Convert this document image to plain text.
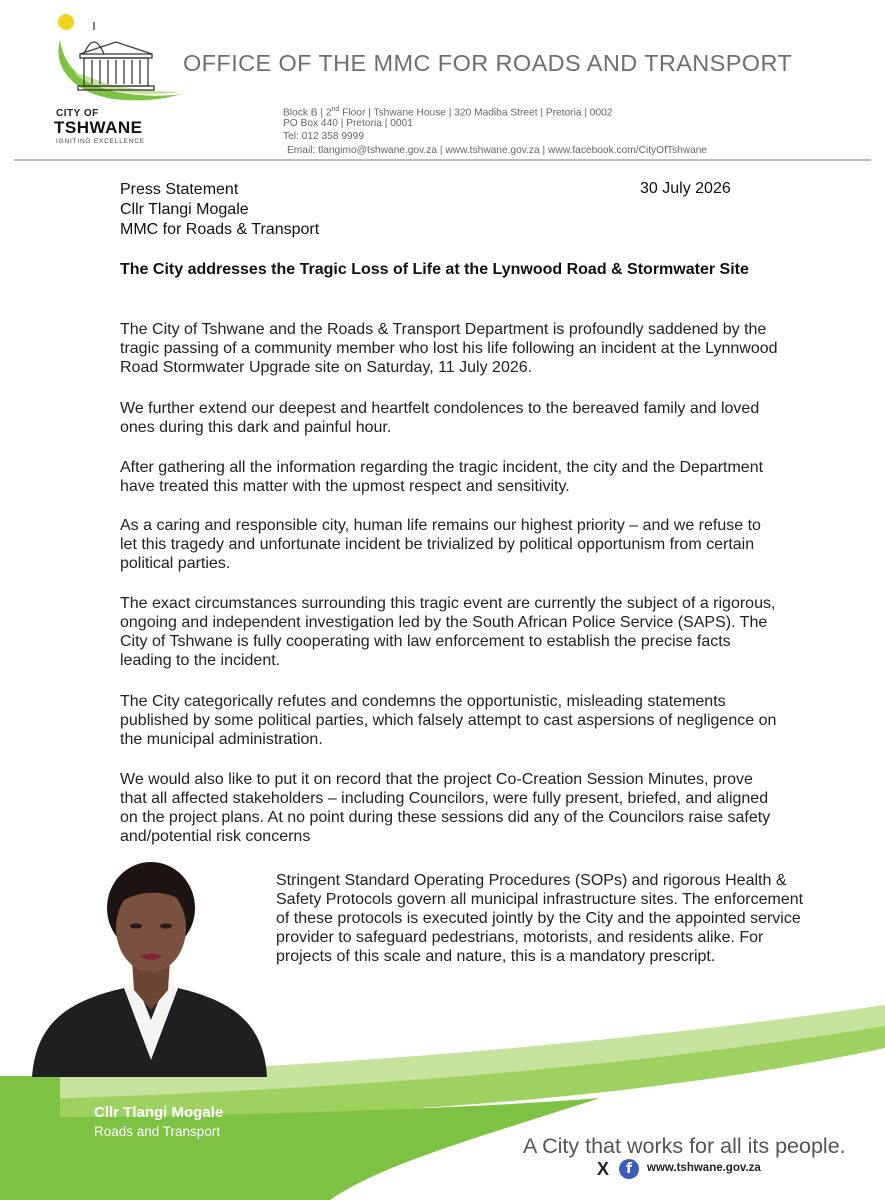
CITY OF
TSHWANE
IGNITING EXCELLENCE
OFFICE OF THE MMC FOR ROADS AND TRANSPORT
Block B | 2nd Floor | Tshwane House | 320 Madiba Street | Pretoria | 0002
PO Box 440 | Pretoria | 0001
Tel: 012 358 9999
Email: tlangimo@tshwane.gov.za | www.tshwane.gov.za | www.facebook.com/CityOfTshwane
Press Statement
Cllr Tlangi Mogale
MMC for Roads & Transport
30 July 2026
The City addresses the Tragic Loss of Life at the Lynwood Road & Stormwater Site

The City of Tshwane and the Roads & Transport Department is profoundly saddened by the tragic passing of a community member who lost his life following an incident at the Lynnwood Road Stormwater Upgrade site on Saturday, 11 July 2026.

We further extend our deepest and heartfelt condolences to the bereaved family and loved ones during this dark and painful hour.

After gathering all the information regarding the tragic incident, the city and the Department have treated this matter with the upmost respect and sensitivity.

As a caring and responsible city, human life remains our highest priority – and we refuse to let this tragedy and unfortunate incident be trivialized by political opportunism from certain political parties.

The exact circumstances surrounding this tragic event are currently the subject of a rigorous, ongoing and independent investigation led by the South African Police Service (SAPS). The City of Tshwane is fully cooperating with law enforcement to establish the precise facts leading to the incident.

The City categorically refutes and condemns the opportunistic, misleading statements published by some political parties, which falsely attempt to cast aspersions of negligence on the municipal administration.

We would also like to put it on record that the project Co-Creation Session Minutes, prove that all affected stakeholders – including Councilors, were fully present, briefed, and aligned on the project plans. At no point during these sessions did any of the Councilors raise safety and/potential risk concerns

Stringent Standard Operating Procedures (SOPs) and rigorous Health & Safety Protocols govern all municipal infrastructure sites. The enforcement of these protocols is executed jointly by the City and the appointed service provider to safeguard pedestrians, motorists, and residents alike. For projects of this scale and nature, this is a mandatory prescript.

Cllr Tlangi Mogale
Roads and Transport
A City that works for all its people.
X	f	www.tshwane.gov.za
